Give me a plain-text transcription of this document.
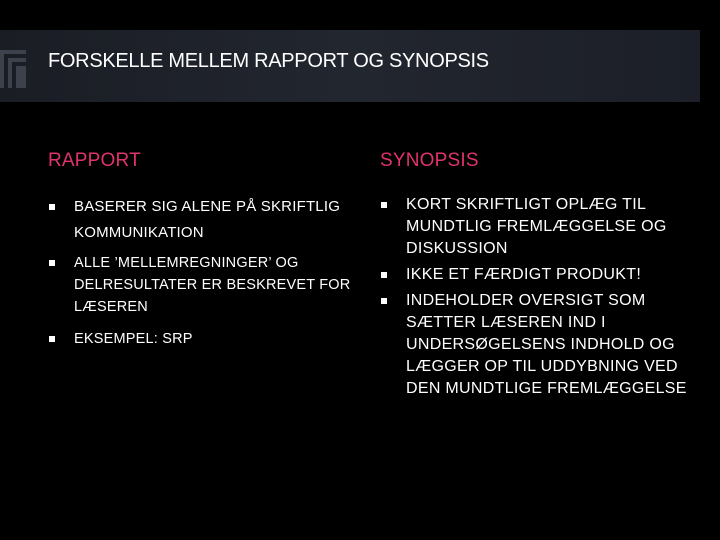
FORSKELLE MELLEM RAPPORT OG SYNOPSIS
RAPPORT
BASERER SIG ALENE PÅ SKRIFTLIG KOMMUNIKATION
ALLE ’MELLEMREGNINGER’ OG DELRESULTATER ER BESKREVET FOR LÆSEREN
EKSEMPEL: SRP
SYNOPSIS
KORT SKRIFTLIGT OPLÆG TIL MUNDTLIG FREMLÆGGELSE OG DISKUSSION
IKKE ET FÆRDIGT PRODUKT!
INDEHOLDER OVERSIGT SOM SÆTTER LÆSEREN IND I UNDERSØGELSENS INDHOLD OG LÆGGER OP TIL UDDYBNING VED DEN MUNDTLIGE FREMLÆGGELSE
